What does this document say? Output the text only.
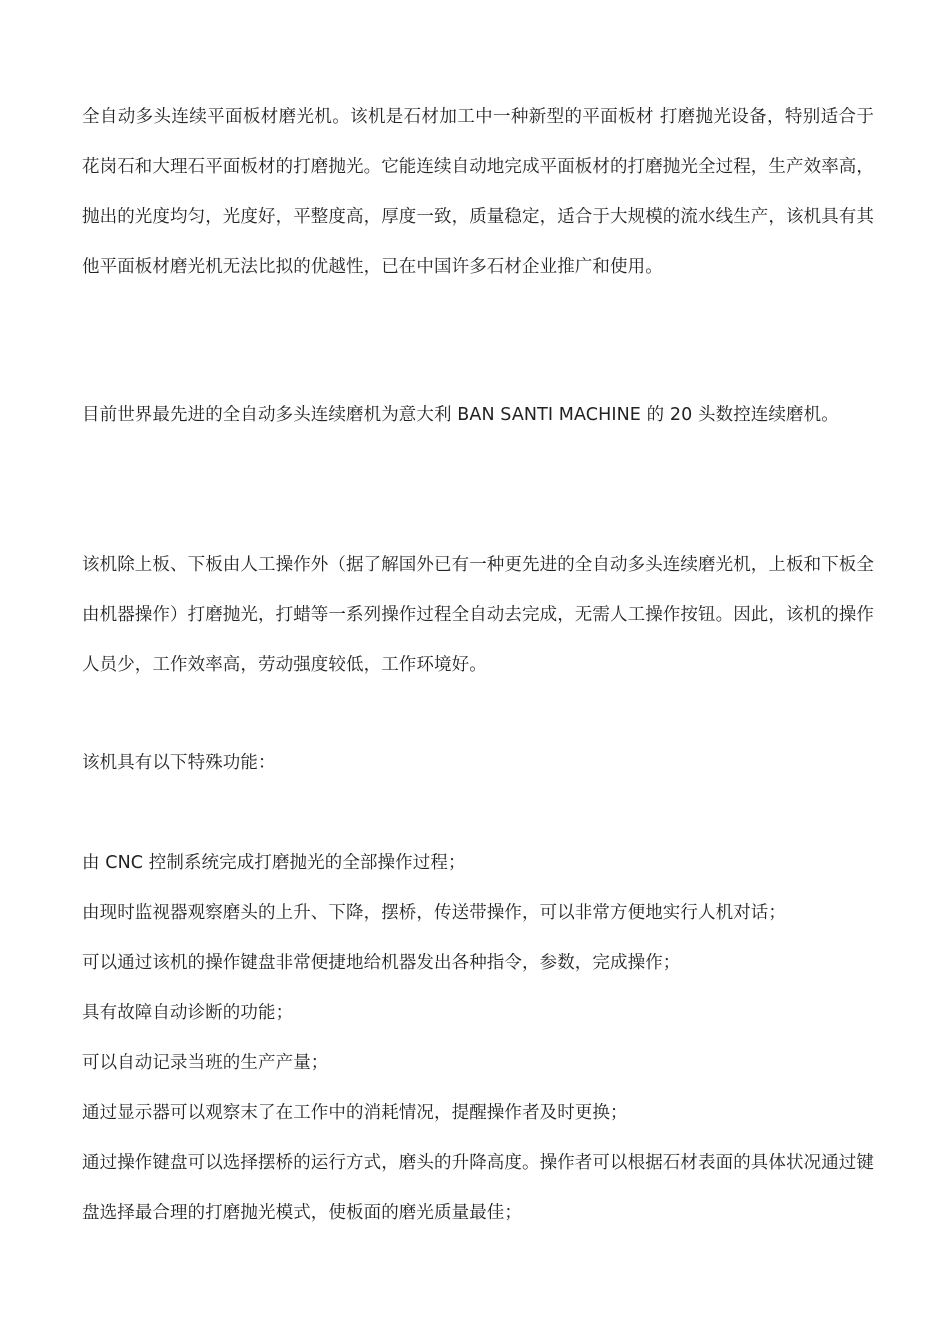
全自动多头连续平面板材磨光机。该机是石材加工中一种新型的平面板材 打磨抛光设备，特别适合于花岗石和大理石平面板材的打磨抛光。它能连续自动地完成平面板材的打磨抛光全过程，生产效率高，抛出的光度均匀，光度好，平整度高，厚度一致，质量稳定，适合于大规模的流水线生产，该机具有其他平面板材磨光机无法比拟的优越性，已在中国许多石材企业推广和使用。

目前世界最先进的全自动多头连续磨机为意大利 BAN SANTI MACHINE 的 20 头数控连续磨机。

该机除上板、下板由人工操作外（据了解国外已有一种更先进的全自动多头连续磨光机，上板和下板全由机器操作）打磨抛光，打蜡等一系列操作过程全自动去完成，无需人工操作按钮。因此，该机的操作人员少，工作效率高，劳动强度较低，工作环境好。

该机具有以下特殊功能：

由 CNC 控制系统完成打磨抛光的全部操作过程；
由现时监视器观察磨头的上升、下降，摆桥，传送带操作，可以非常方便地实行人机对话；
可以通过该机的操作键盘非常便捷地给机器发出各种指令，参数，完成操作；
具有故障自动诊断的功能；
可以自动记录当班的生产产量；
通过显示器可以观察末了在工作中的消耗情况，提醒操作者及时更换；
通过操作键盘可以选择摆桥的运行方式，磨头的升降高度。操作者可以根据石材表面的具体状况通过键盘选择最合理的打磨抛光模式，使板面的磨光质量最佳；
